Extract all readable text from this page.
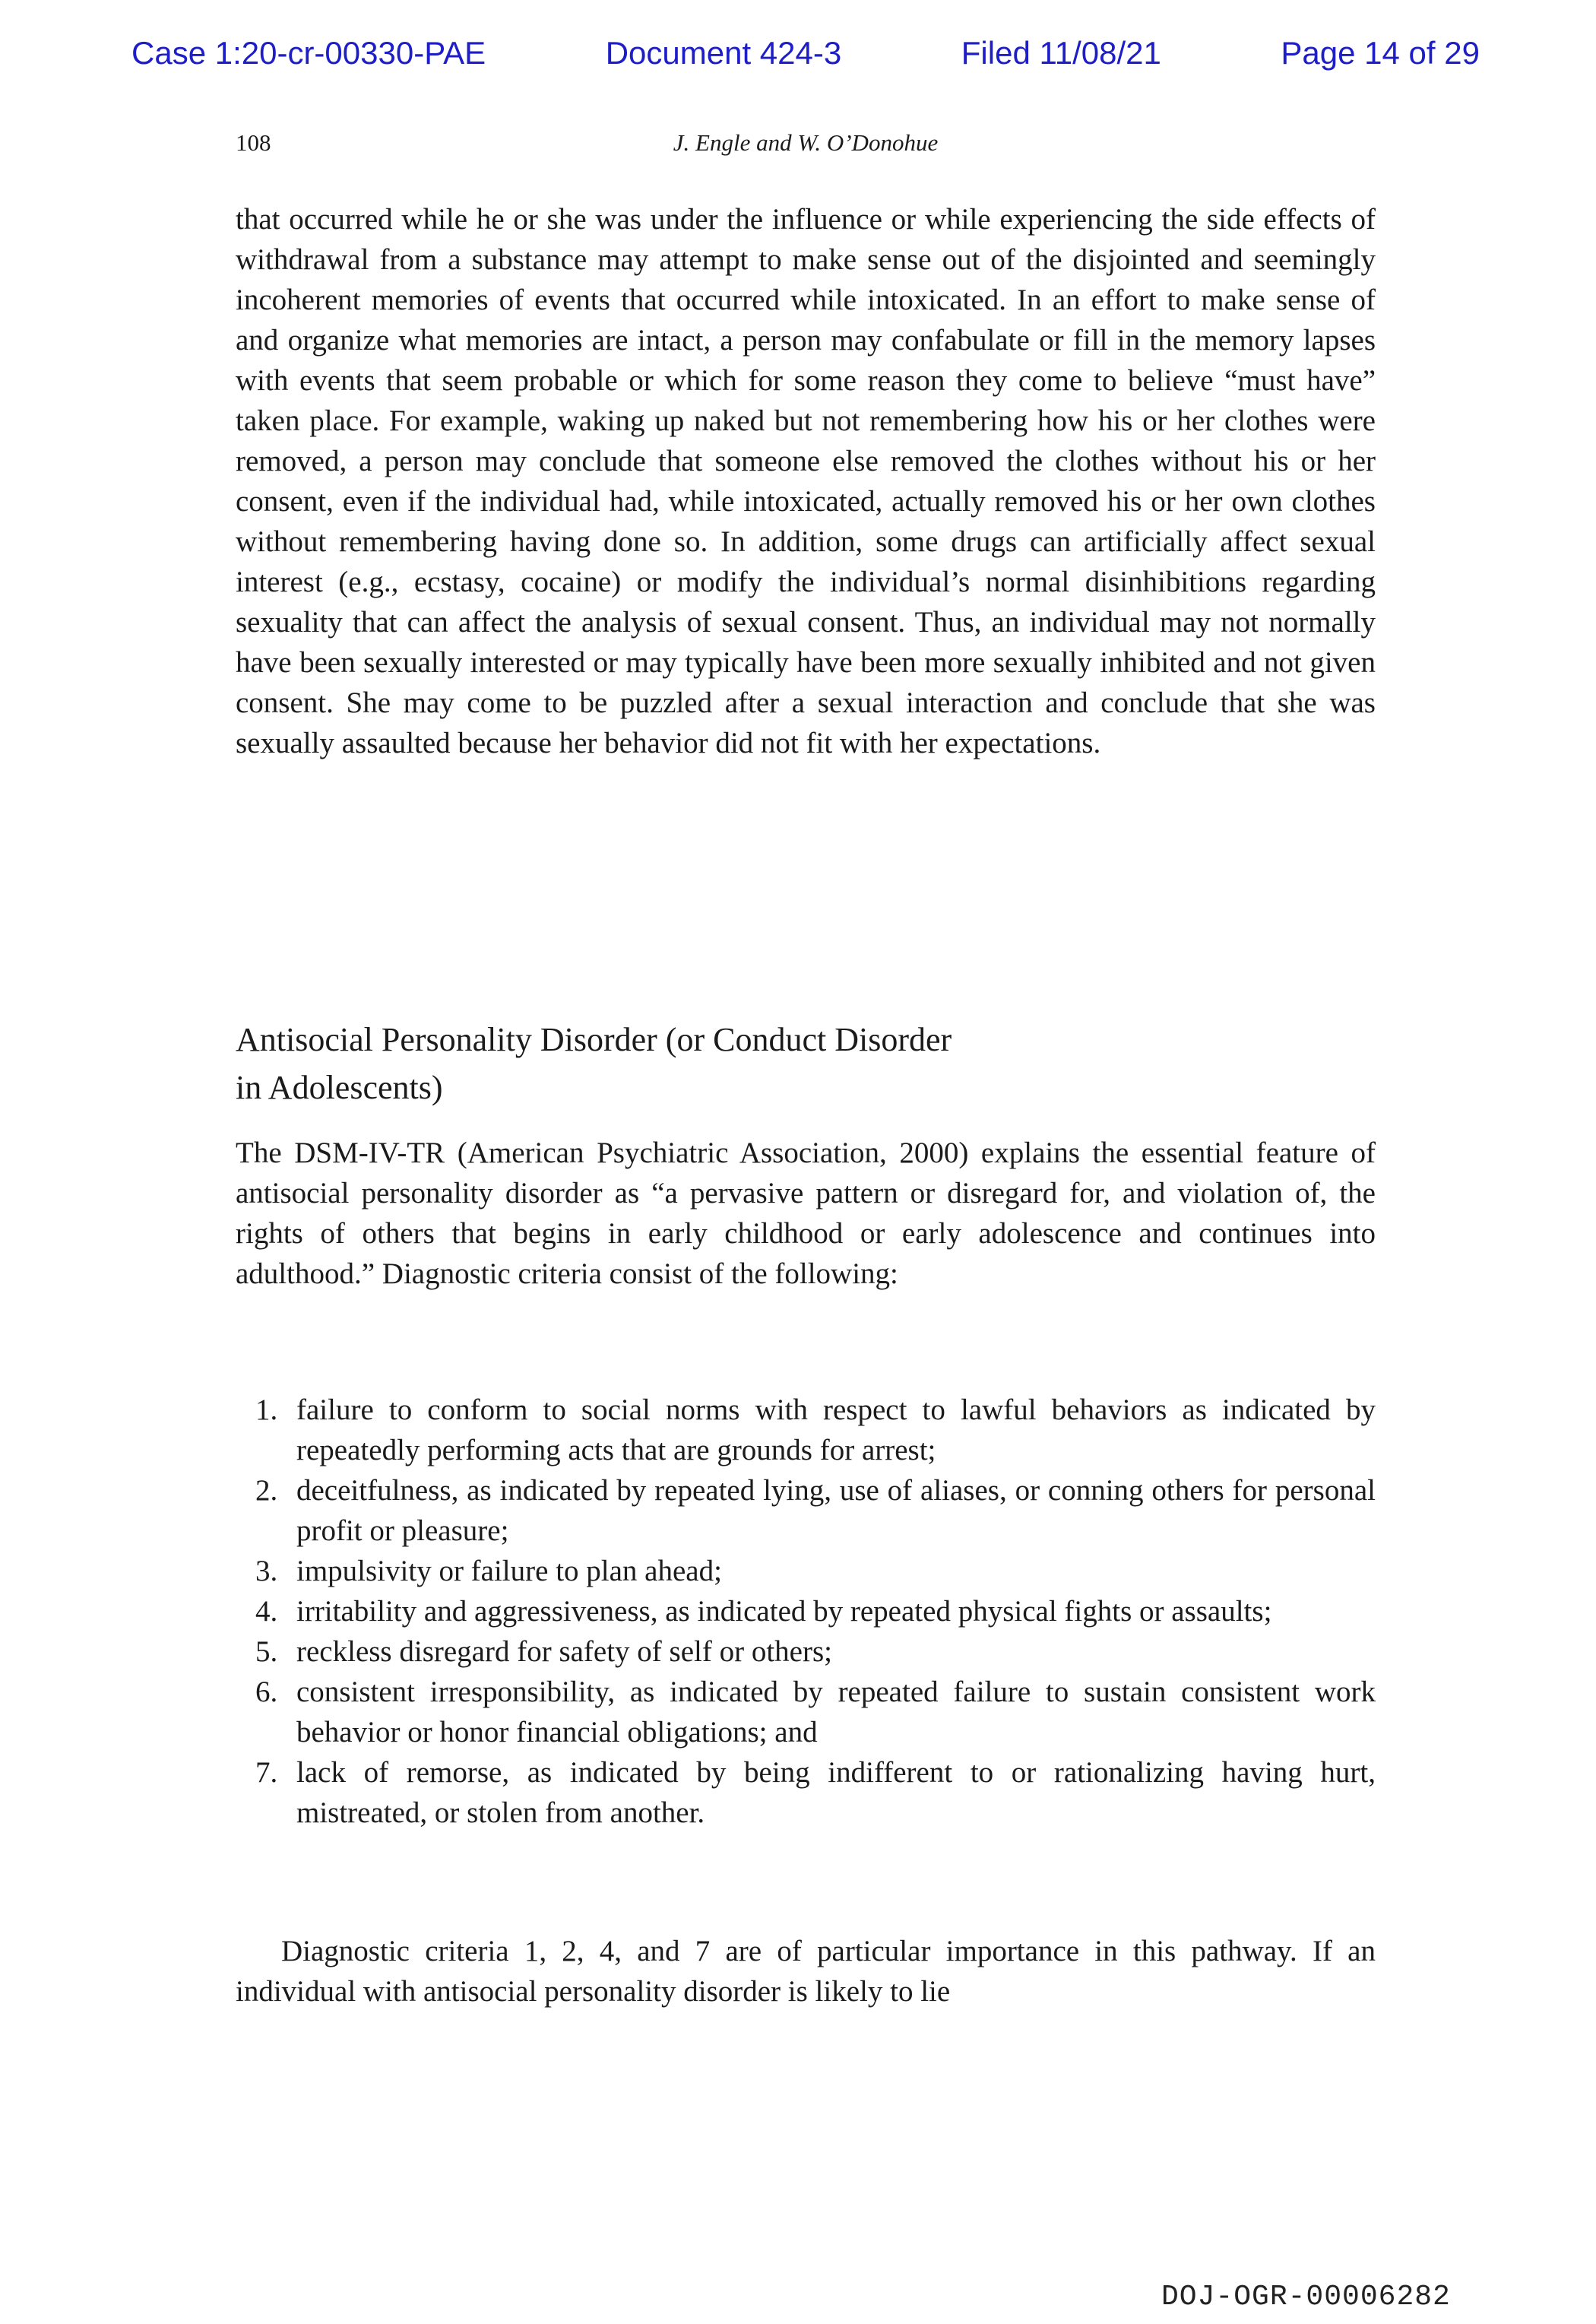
Case 1:20-cr-00330-PAE	Document 424-3	Filed 11/08/21	Page 14 of 29
108	J. Engle and W. O’Donohue

that occurred while he or she was under the influence or while experiencing the side effects of withdrawal from a substance may attempt to make sense out of the disjointed and seemingly incoherent memories of events that occurred while intoxicated. In an effort to make sense of and organize what memories are intact, a person may confabulate or fill in the memory lapses with events that seem probable or which for some reason they come to believe “must have” taken place. For example, waking up naked but not remembering how his or her clothes were removed, a person may conclude that someone else removed the clothes without his or her consent, even if the individual had, while intoxicated, actually removed his or her own clothes without remembering having done so. In addition, some drugs can artificially affect sexual interest (e.g., ecstasy, cocaine) or modify the individual’s normal disinhibitions regarding sexuality that can affect the analysis of sexual consent. Thus, an individual may not normally have been sexually interested or may typically have been more sexually inhibited and not given consent. She may come to be puzzled after a sexual interaction and conclude that she was sexually assaulted because her behavior did not fit with her expectations.

Antisocial Personality Disorder (or Conduct Disorder
in Adolescents)

The DSM-IV-TR (American Psychiatric Association, 2000) explains the essential feature of antisocial personality disorder as “a pervasive pattern or disregard for, and violation of, the rights of others that begins in early childhood or early adolescence and continues into adulthood.” Diagnostic criteria consist of the following:

1. failure to conform to social norms with respect to lawful behaviors as indicated by repeatedly performing acts that are grounds for arrest;
2. deceitfulness, as indicated by repeated lying, use of aliases, or conning others for personal profit or pleasure;
3. impulsivity or failure to plan ahead;
4. irritability and aggressiveness, as indicated by repeated physical fights or assaults;
5. reckless disregard for safety of self or others;
6. consistent irresponsibility, as indicated by repeated failure to sustain consistent work behavior or honor financial obligations; and
7. lack of remorse, as indicated by being indifferent to or rationalizing having hurt, mistreated, or stolen from another.

Diagnostic criteria 1, 2, 4, and 7 are of particular importance in this pathway. If an individual with antisocial personality disorder is likely to lie

DOJ-OGR-00006282
